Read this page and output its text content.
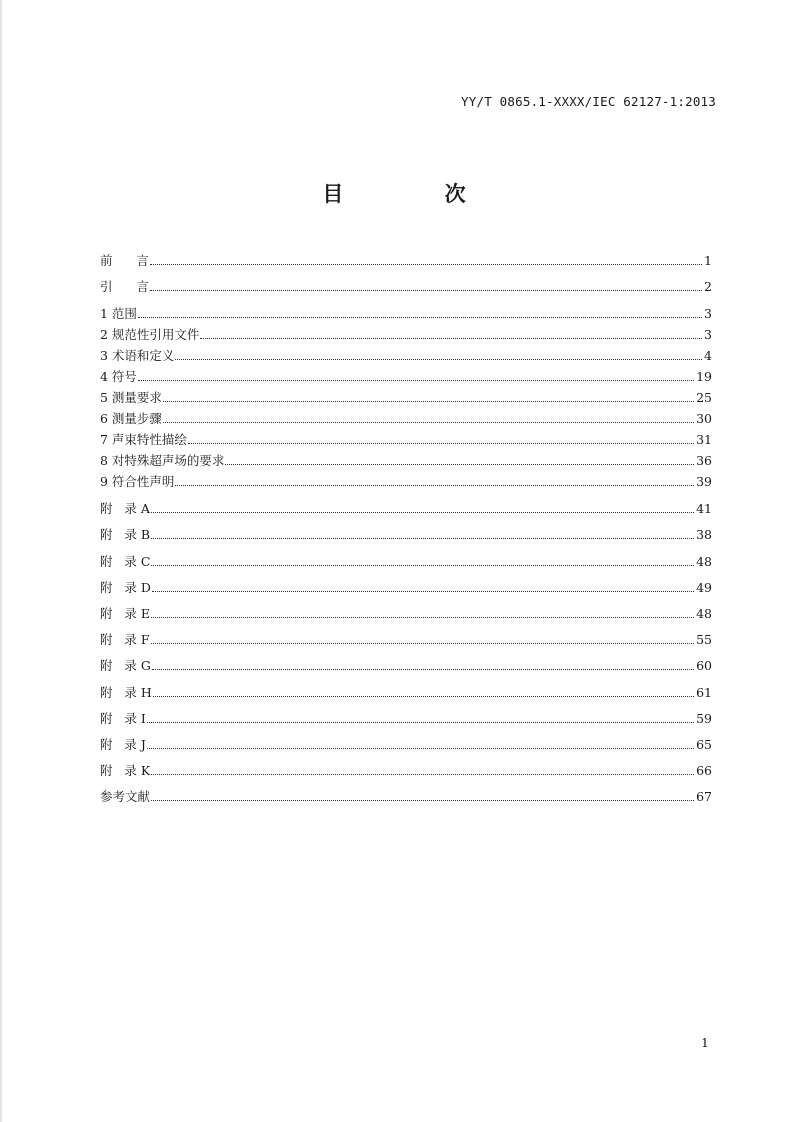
YY/T 0865.1-XXXX/IEC 62127-1:2013
目 次
前      言	1
引      言	2
1 范围	3
2 规范性引用文件	3
3 术语和定义	4
4 符号	19
5 测量要求	25
6 测量步骤	30
7 声束特性描绘	31
8 对特殊超声场的要求	36
9 符合性声明	39
附   录 A	41
附   录 B	38
附   录 C	48
附   录 D	49
附   录 E	48
附   录 F	55
附   录 G	60
附   录 H	61
附   录 I	59
附   录 J	65
附   录 K	66
参考文献	67
1
